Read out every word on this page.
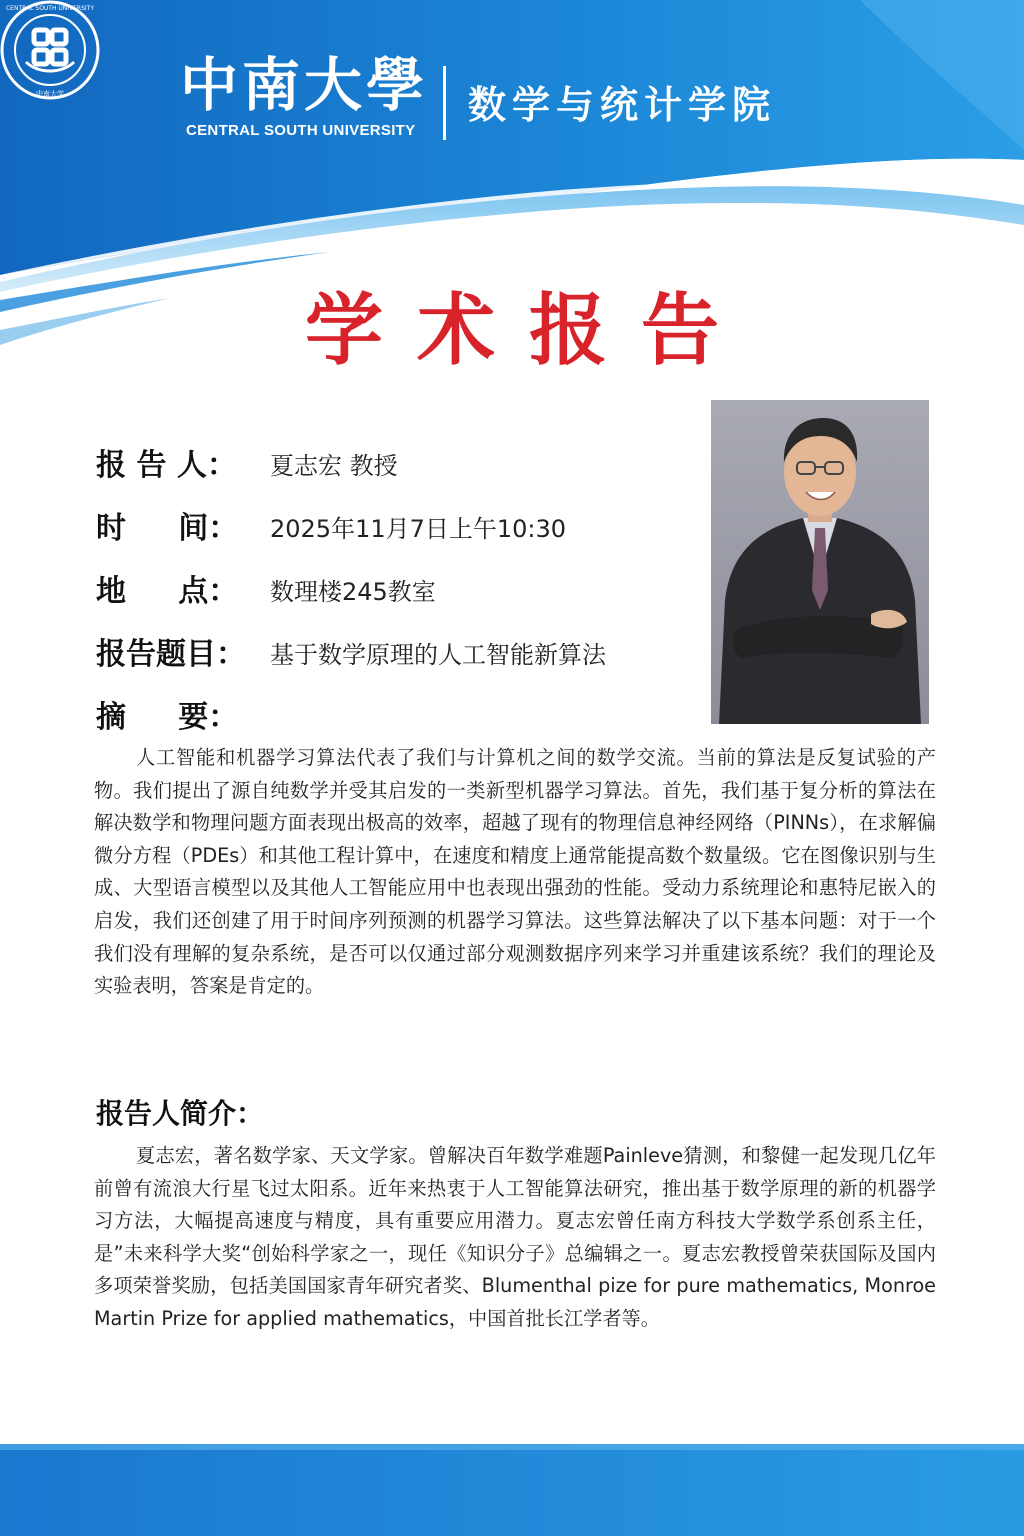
CENTRAL SOUTH UNIVERSITY
中南大学 中南大學
CENTRAL SOUTH UNIVERSITY
数学与统计学院
学术报告
报 告 人： 夏志宏 教授
时     间： 2025年11月7日上午10:30
地     点： 数理楼245教室
报告题目： 基于数学原理的人工智能新算法
摘     要：
人工智能和机器学习算法代表了我们与计算机之间的数学交流。当前的算法是反复试验的产物。我们提出了源自纯数学并受其启发的一类新型机器学习算法。首先，我们基于复分析的算法在解决数学和物理问题方面表现出极高的效率，超越了现有的物理信息神经网络（PINNs），在求解偏微分方程（PDEs）和其他工程计算中，在速度和精度上通常能提高数个数量级。它在图像识别与生成、大型语言模型以及其他人工智能应用中也表现出强劲的性能。受动力系统理论和惠特尼嵌入的启发，我们还创建了用于时间序列预测的机器学习算法。这些算法解决了以下基本问题：对于一个我们没有理解的复杂系统，是否可以仅通过部分观测数据序列来学习并重建该系统？我们的理论及实验表明，答案是肯定的。
报告人简介：
夏志宏，著名数学家、天文学家。曾解决百年数学难题Painleve猜测，和黎健一起发现几亿年前曾有流浪大行星飞过太阳系。近年来热衷于人工智能算法研究，推出基于数学原理的新的机器学习方法，大幅提高速度与精度，具有重要应用潜力。夏志宏曾任南方科技大学数学系创系主任，是”未来科学大奖“创始科学家之一，现任《知识分子》总编辑之一。夏志宏教授曾荣获国际及国内多项荣誉奖励，包括美国国家青年研究者奖、Blumenthal pize for pure mathematics, Monroe Martin Prize for applied mathematics，中国首批长江学者等。
